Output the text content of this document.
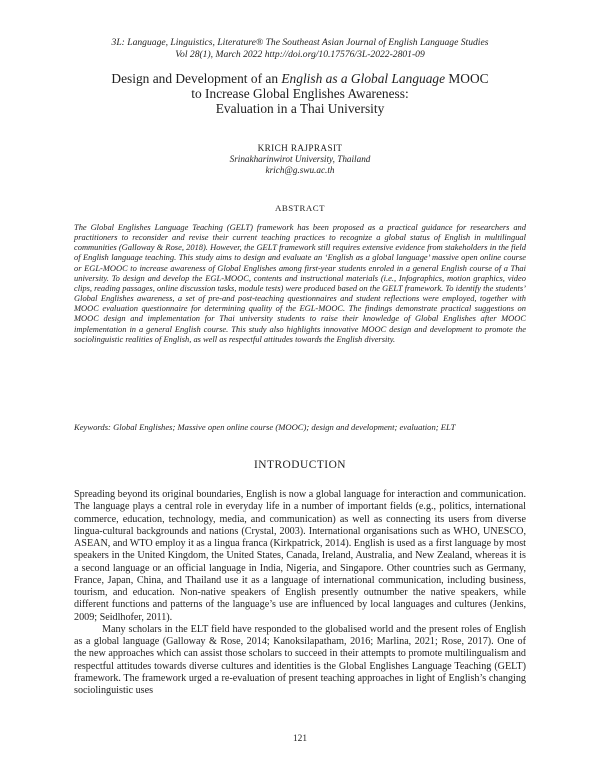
3L: Language, Linguistics, Literature® The Southeast Asian Journal of English Language Studies
Vol 28(1), March 2022 http://doi.org/10.17576/3L-2022-2801-09
Design and Development of an English as a Global Language MOOC
to Increase Global Englishes Awareness:
Evaluation in a Thai University
KRICH RAJPRASIT
Srinakharinwirot University, Thailand
krich@g.swu.ac.th
ABSTRACT

The Global Englishes Language Teaching (GELT) framework has been proposed as a practical guidance for researchers and practitioners to reconsider and revise their current teaching practices to recognize a global status of English in multilingual communities (Galloway & Rose, 2018). However, the GELT framework still requires extensive evidence from stakeholders in the field of English language teaching. This study aims to design and evaluate an ‘English as a global language’ massive open online course or EGL-MOOC to increase awareness of Global Englishes among first-year students enroled in a general English course of a Thai university. To design and develop the EGL-MOOC, contents and instructional materials (i.e., Infographics, motion graphics, video clips, reading passages, online discussion tasks, module tests) were produced based on the GELT framework. To identify the students’ Global Englishes awareness, a set of pre-and post-teaching questionnaires and student reflections were employed, together with MOOC evaluation questionnaire for determining quality of the EGL-MOOC. The findings demonstrate practical suggestions on MOOC design and implementation for Thai university students to raise their knowledge of Global Englishes after MOOC implementation in a general English course. This study also highlights innovative MOOC design and development to promote the sociolinguistic realities of English, as well as respectful attitudes towards the English diversity.

Keywords: Global Englishes; Massive open online course (MOOC); design and development; evaluation; ELT

INTRODUCTION

Spreading beyond its original boundaries, English is now a global language for interaction and communication. The language plays a central role in everyday life in a number of important fields (e.g., politics, international commerce, education, technology, media, and communication) as well as connecting its users from diverse lingua-cultural backgrounds and nations (Crystal, 2003). International organisations such as WHO, UNESCO, ASEAN, and WTO employ it as a lingua franca (Kirkpatrick, 2014). English is used as a first language by most speakers in the United Kingdom, the United States, Canada, Ireland, Australia, and New Zealand, whereas it is a second language or an official language in India, Nigeria, and Singapore. Other countries such as Germany, France, Japan, China, and Thailand use it as a language of international communication, including business, tourism, and education. Non-native speakers of English presently outnumber the native speakers, while different functions and patterns of the language’s use are influenced by local languages and cultures (Jenkins, 2009; Seidlhofer, 2011).

Many scholars in the ELT field have responded to the globalised world and the present roles of English as a global language (Galloway & Rose, 2014; Kanoksilapatham, 2016; Marlina, 2021; Rose, 2017). One of the new approaches which can assist those scholars to succeed in their attempts to promote multilingualism and respectful attitudes towards diverse cultures and identities is the Global Englishes Language Teaching (GELT) framework. The framework urged a re-evaluation of present teaching approaches in light of English’s changing sociolinguistic uses

121
